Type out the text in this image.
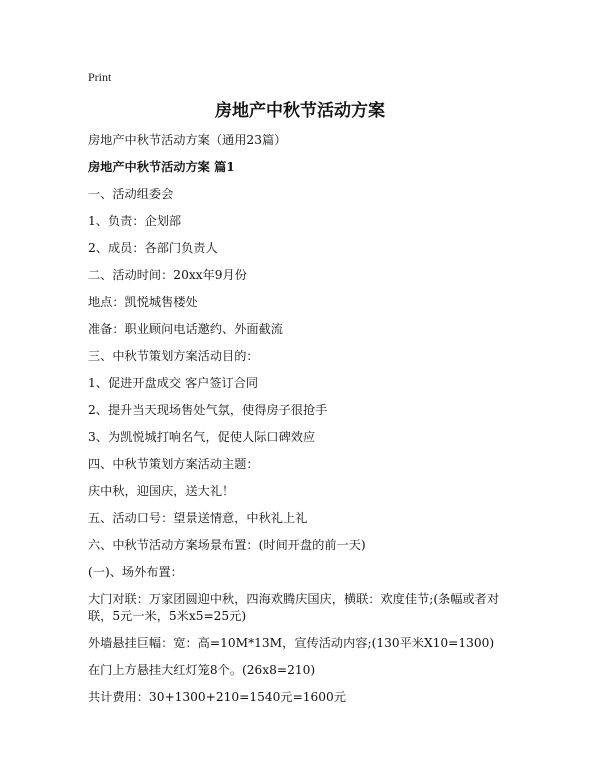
Print
房地产中秋节活动方案

房地产中秋节活动方案（通用23篇）

房地产中秋节活动方案 篇1

一、活动组委会

1、负责：企划部

2、成员：各部门负责人

二、活动时间：20xx年9月份

地点：凯悦城售楼处

准备：职业顾问电话邀约、外面截流

三、中秋节策划方案活动目的：

1、促进开盘成交 客户签订合同

2、提升当天现场售处气氛，使得房子很抢手

3、为凯悦城打响名气，促使人际口碑效应

四、中秋节策划方案活动主题：

庆中秋，迎国庆，送大礼！

五、活动口号：望景送情意，中秋礼上礼

六、中秋节活动方案场景布置：(时间开盘的前一天)

(一)、场外布置：

大门对联：万家团圆迎中秋，四海欢腾庆国庆，横联：欢度佳节;(条幅或者对联，5元一米，5米x5=25元)

外墙悬挂巨幅：宽：高=10M*13M，宣传活动内容;(130平米X10=1300)

在门上方悬挂大红灯笼8个。(26x8=210)

共计费用：30+1300+210=1540元=1600元
